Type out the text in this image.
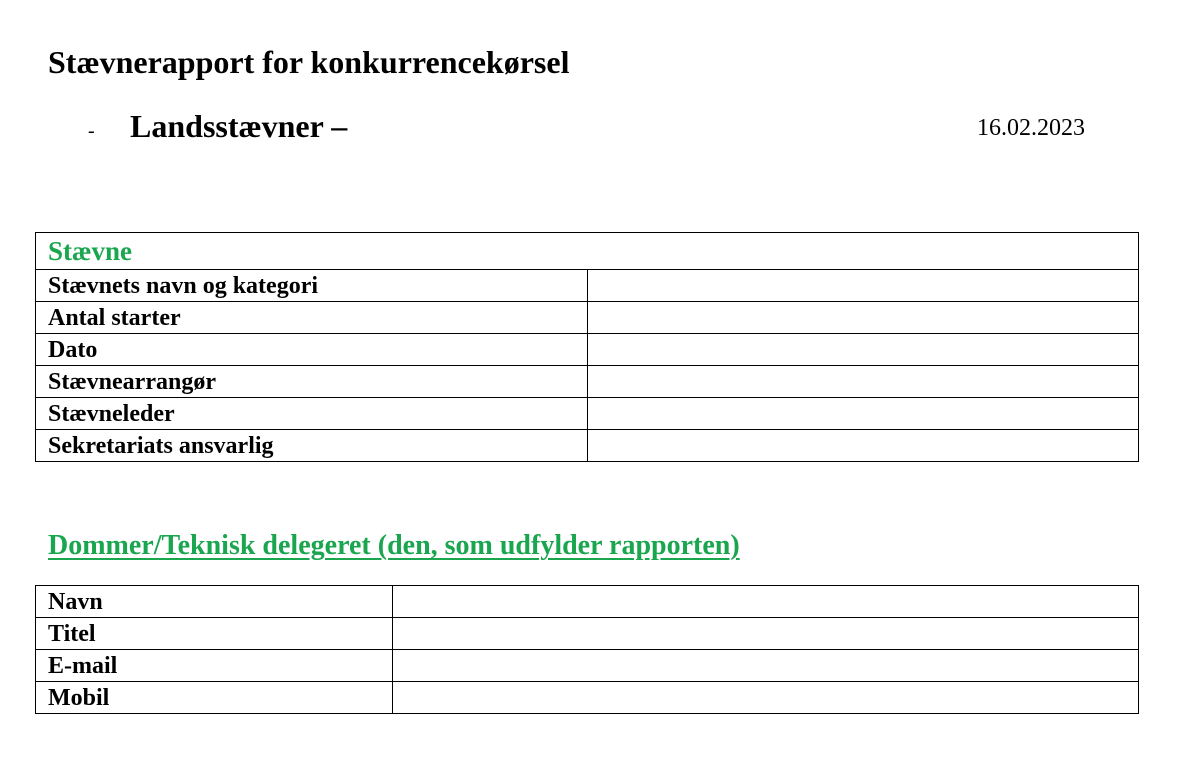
Stævnerapport for konkurrencekørsel
- Landsstævner –	16.02.2023
Stævne	
Stævnets navn og kategori	
Antal starter	
Dato	
Stævnearrangør	
Stævneleder	
Sekretariats ansvarlig	
Dommer/Teknisk delegeret (den, som udfylder rapporten)
Navn	
Titel	
E-mail	
Mobil	
